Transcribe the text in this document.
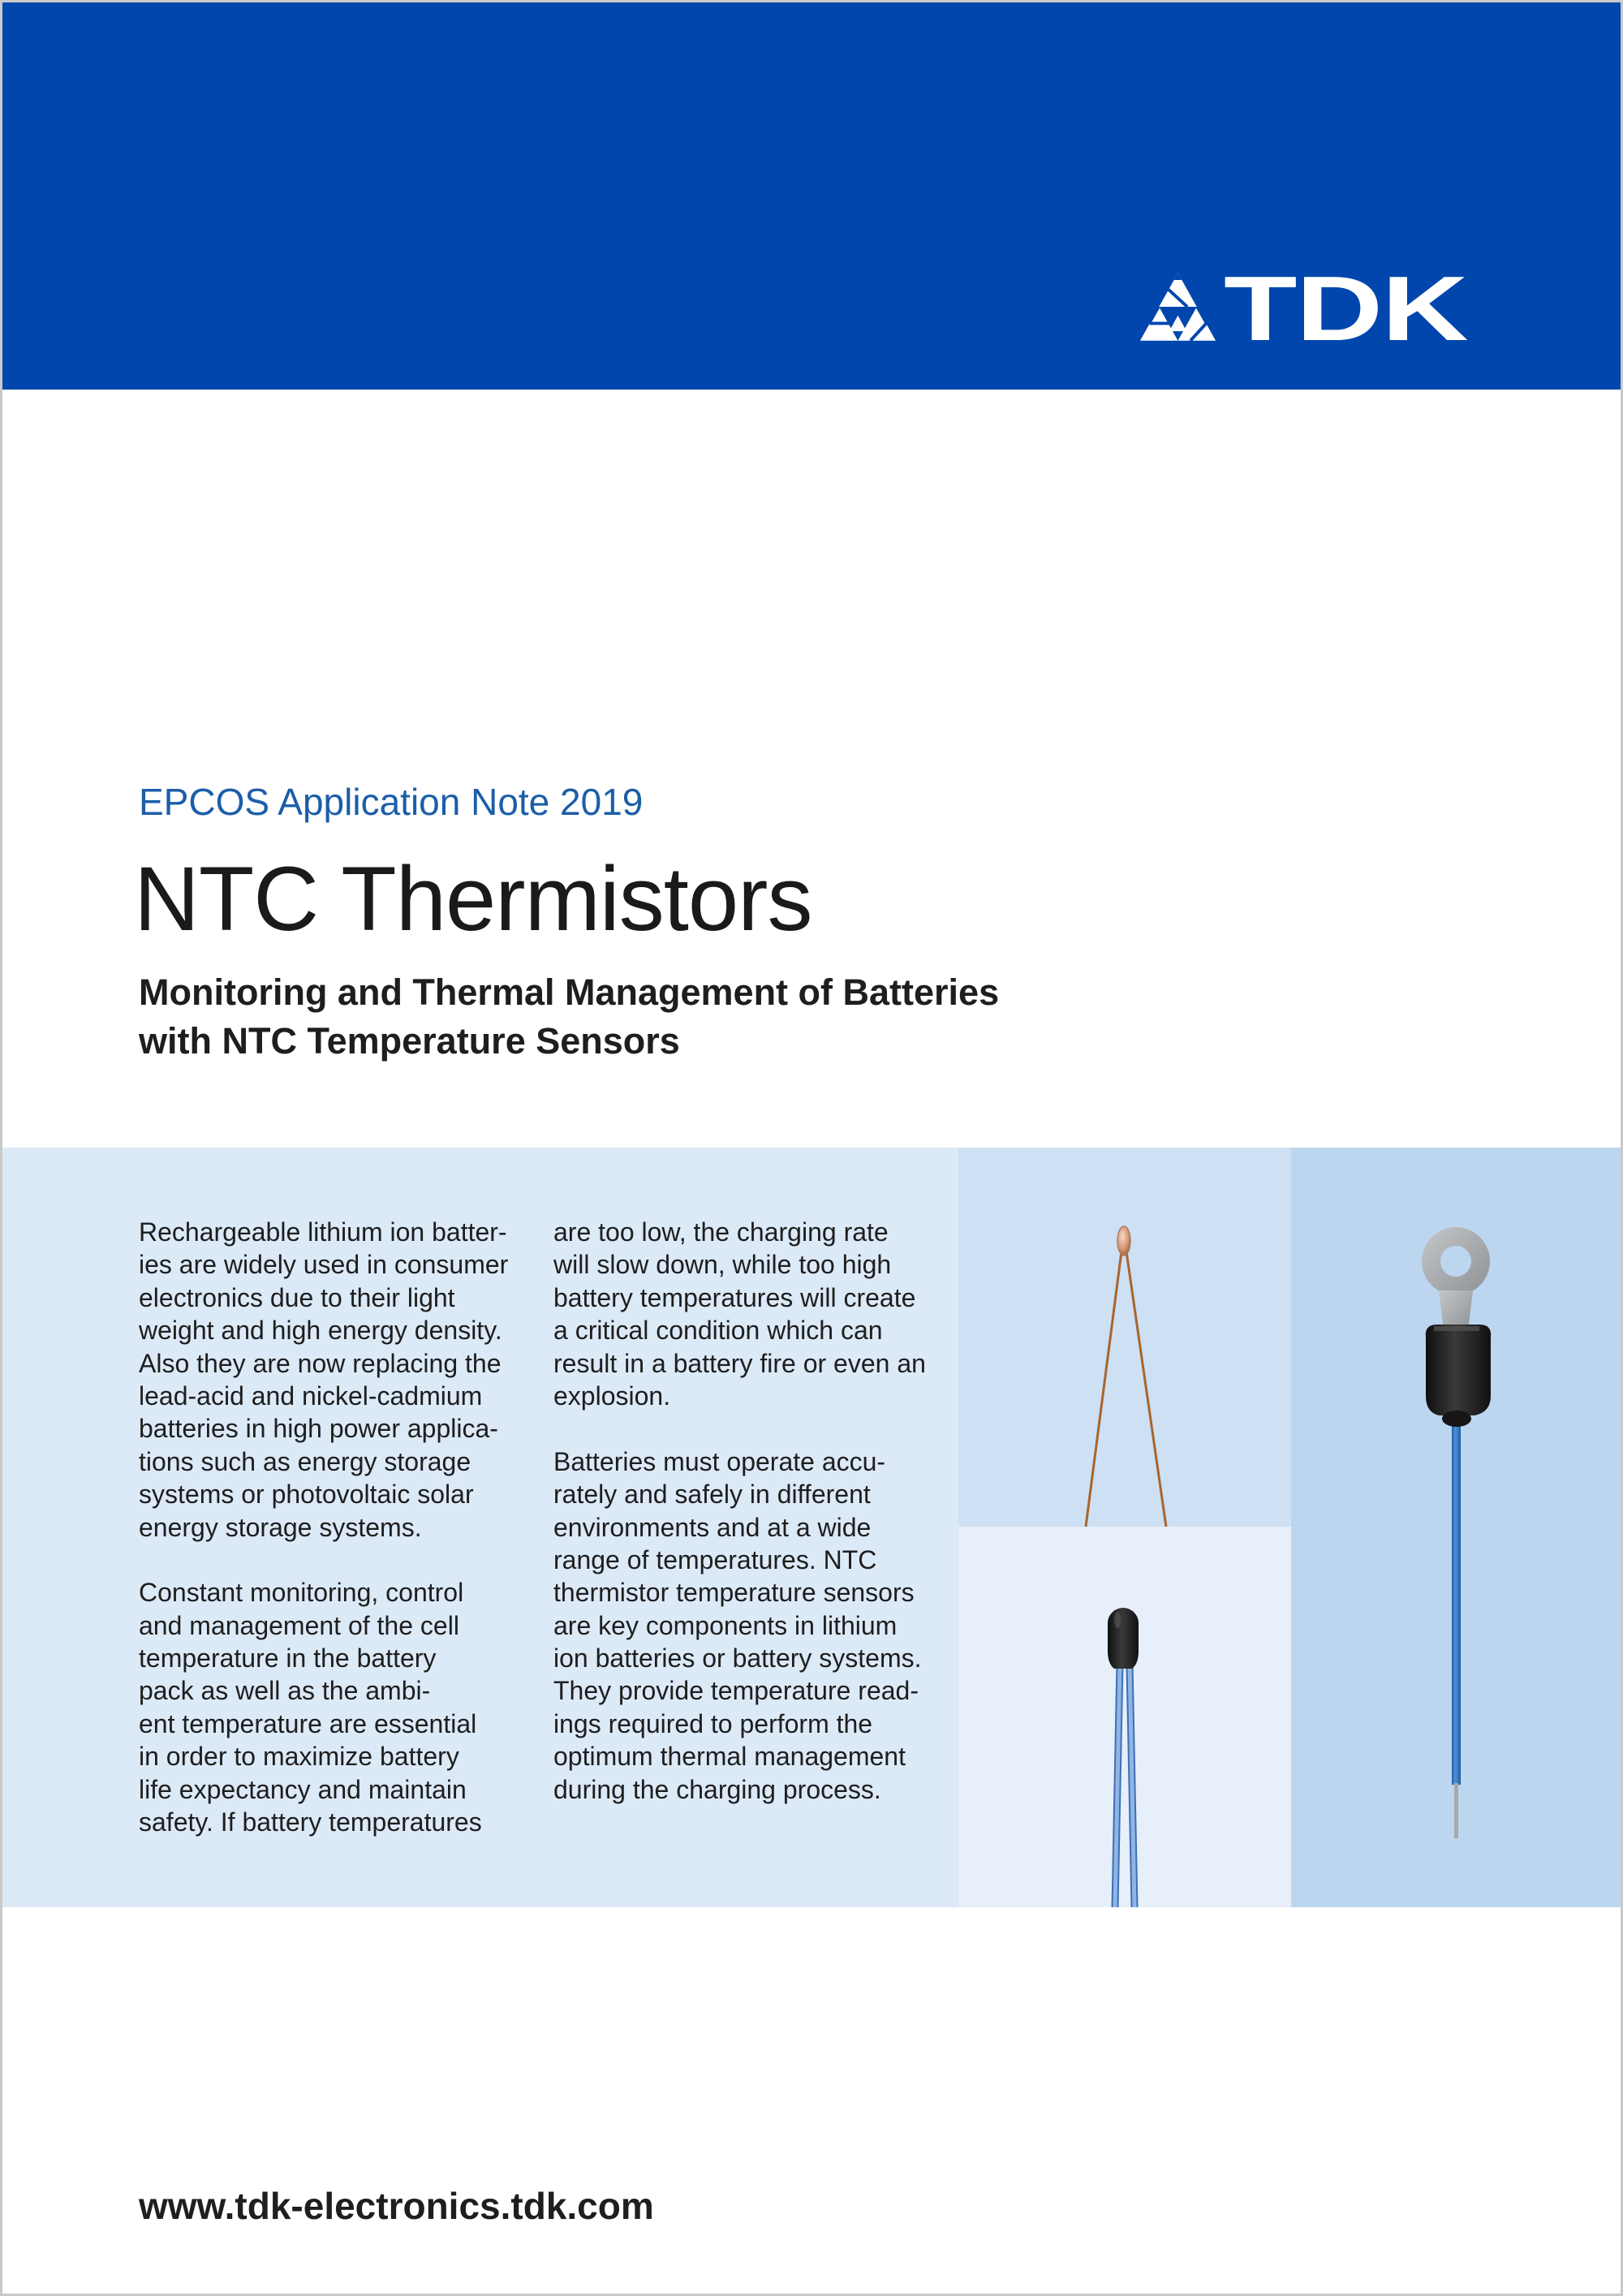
TDK
EPCOS Application Note 2019
NTC Thermistors
Monitoring and Thermal Management of Batteries
with NTC Temperature Sensors
Rechargeable lithium ion batter-
ies are widely used in consumer
electronics due to their light
weight and high energy density.
Also they are now replacing the
lead-acid and nickel-cadmium
batteries in high power applica-
tions such as energy storage
systems or photovoltaic solar
energy storage systems.
Constant monitoring, control
and management of the cell
temperature in the battery
pack as well as the ambi-
ent temperature are essential
in order to maximize battery
life expectancy and maintain
safety. If battery temperatures
are too low, the charging rate
will slow down, while too high
battery temperatures will create
a critical condition which can
result in a battery fire or even an
explosion.
Batteries must operate accu-
rately and safely in different
environments and at a wide
range of temperatures. NTC
thermistor temperature sensors
are key components in lithium
ion batteries or battery systems.
They provide temperature read-
ings required to perform the
optimum thermal management
during the charging process.
www.tdk-electronics.tdk.com
